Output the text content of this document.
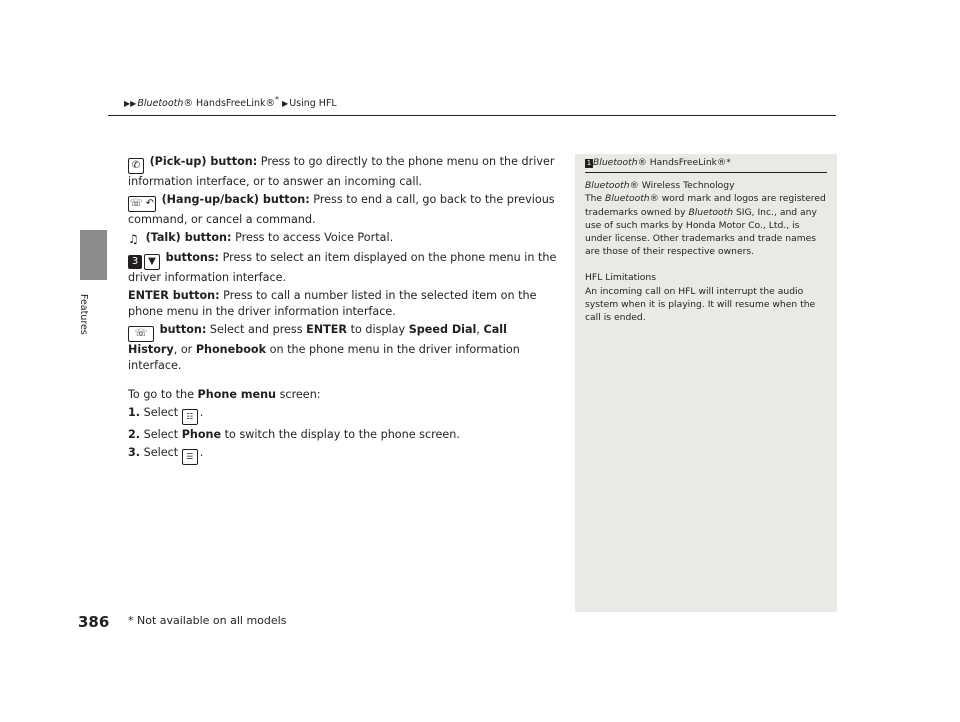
▶▶Bluetooth® HandsFreeLink®* ▶Using HFL
Features

✆ (Pick-up) button: Press to go directly to the phone menu on the driver information interface, or to answer an incoming call.

☏ ↶ (Hang-up/back) button: Press to end a call, go back to the previous command, or cancel a command.

♫ (Talk) button: Press to access Voice Portal.

3 ▼ buttons: Press to select an item displayed on the phone menu in the driver information interface.

ENTER button: Press to call a number listed in the selected item on the phone menu in the driver information interface.

☏ button: Select and press ENTER to display Speed Dial, Call History, or Phonebook on the phone menu in the driver information interface.

To go to the Phone menu screen:

1. Select ☷ .

2. Select Phone to switch the display to the phone screen.

3. Select ☰ .

1 Bluetooth® HandsFreeLink®*

Bluetooth® Wireless Technology

The Bluetooth® word mark and logos are registered trademarks owned by Bluetooth SIG, Inc., and any use of such marks by Honda Motor Co., Ltd., is under license. Other trademarks and trade names are those of their respective owners.

HFL Limitations

An incoming call on HFL will interrupt the audio system when it is playing. It will resume when the call is ended.

386 * Not available on all models
